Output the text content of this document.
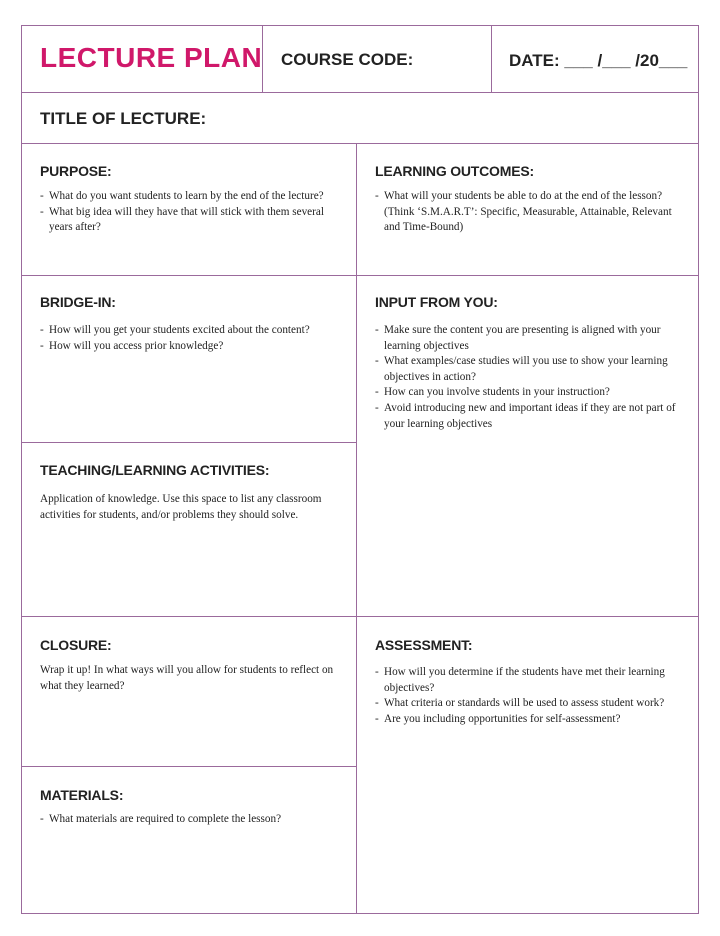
LECTURE PLAN COURSE CODE:	DATE: ___ /___ /20___
TITLE OF LECTURE:
PURPOSE:
- What do you want students to learn by the end of the lecture?
- What big idea will they have that will stick with them several years after?
LEARNING OUTCOMES:
- What will your students be able to do at the end of the lesson? (Think ‘S.M.A.R.T’: Specific, Measurable, Attainable, Relevant and Time-Bound)
BRIDGE-IN:
- How will you get your students excited about the content?
- How will you access prior knowledge?
INPUT FROM YOU:
- Make sure the content you are presenting is aligned with your learning objectives
- What examples/case studies will you use to show your learning objectives in action?
- How can you involve students in your instruction?
- Avoid introducing new and important ideas if they are not part of your learning objectives
TEACHING/LEARNING ACTIVITIES:
Application of knowledge. Use this space to list any classroom activities for students, and/or problems they should solve.
CLOSURE:
Wrap it up! In what ways will you allow for students to reflect on what they learned?
ASSESSMENT:
- How will you determine if the students have met their learning objectives?
- What criteria or standards will be used to assess student work?
- Are you including opportunities for self-assessment?
MATERIALS:
- What materials are required to complete the lesson?
